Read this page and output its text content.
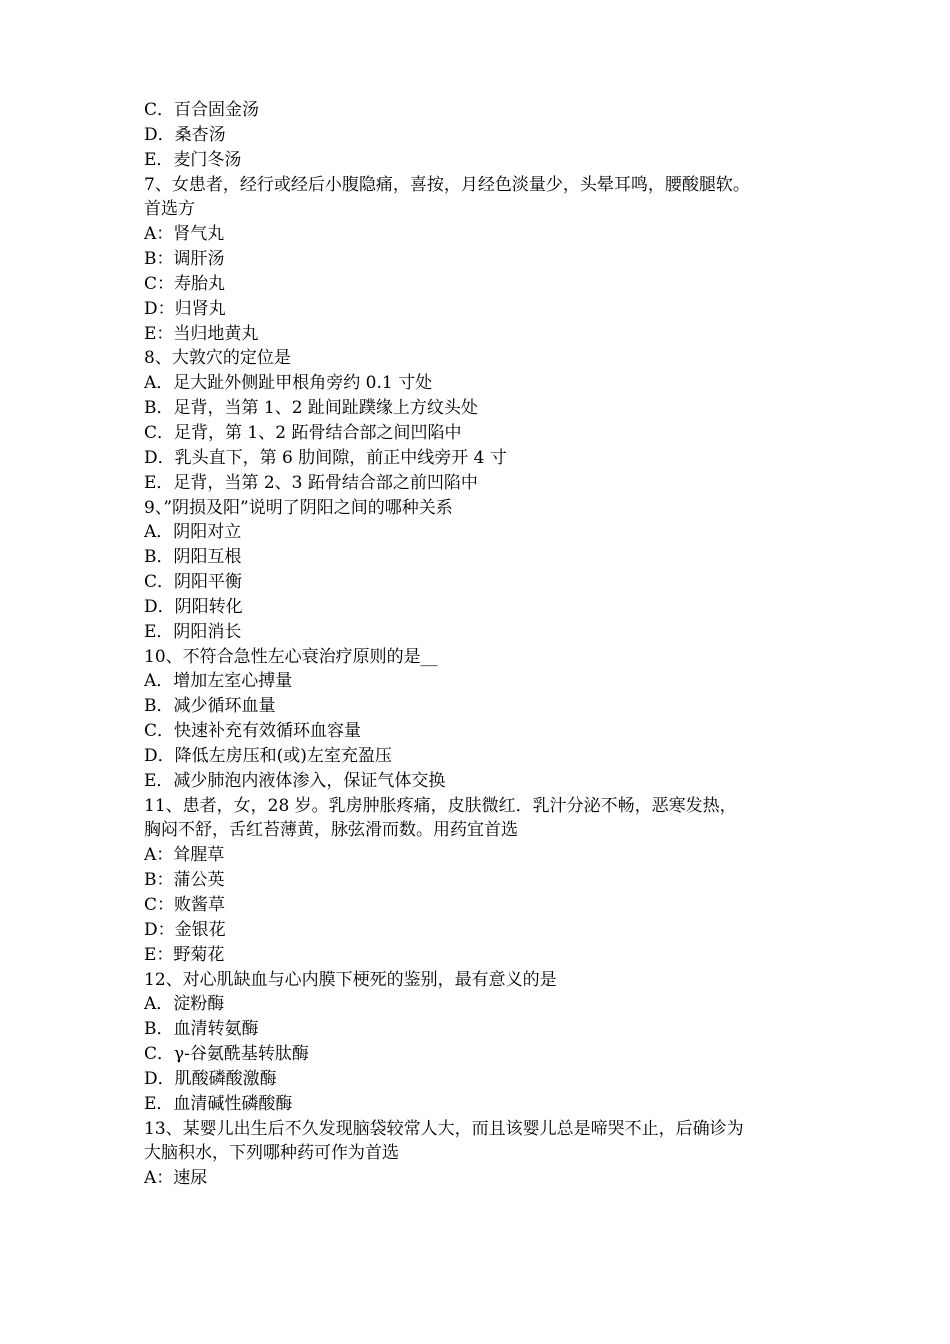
C．百合固金汤
D．桑杏汤
E．麦门冬汤
7、女患者，经行或经后小腹隐痛，喜按，月经色淡量少，头晕耳鸣，腰酸腿软。
首选方
A：肾气丸
B：调肝汤
C：寿胎丸
D：归肾丸
E：当归地黄丸
8、大敦穴的定位是
A．足大趾外侧趾甲根角旁约 0.1 寸处
B．足背，当第 1、2 趾间趾蹼缘上方纹头处
C．足背，第 1、2 跖骨结合部之间凹陷中
D．乳头直下，第 6 肋间隙，前正中线旁开 4 寸
E．足背，当第 2、3 跖骨结合部之前凹陷中
9、”阴损及阳”说明了阴阳之间的哪种关系
A．阴阳对立
B．阴阳互根
C．阴阳平衡
D．阴阳转化
E．阴阳消长
10、不符合急性左心衰治疗原则的是__
A．增加左室心搏量
B．减少循环血量
C．快速补充有效循环血容量
D．降低左房压和(或)左室充盈压
E．减少肺泡内液体渗入，保证气体交换
11、患者，女，28 岁。乳房肿胀疼痛，皮肤微红．乳汁分泌不畅，恶寒发热，
胸闷不舒，舌红苔薄黄，脉弦滑而数。用药宜首选
A：耸腥草
B：蒲公英
C：败酱草
D：金银花
E：野菊花
12、对心肌缺血与心内膜下梗死的鉴别，最有意义的是
A．淀粉酶
B．血清转氨酶
C．γ-谷氨酰基转肽酶
D．肌酸磷酸激酶
E．血清碱性磷酸酶
13、某婴儿出生后不久发现脑袋较常人大，而且该婴儿总是啼哭不止，后确诊为
大脑积水，下列哪种药可作为首选
A：速尿
